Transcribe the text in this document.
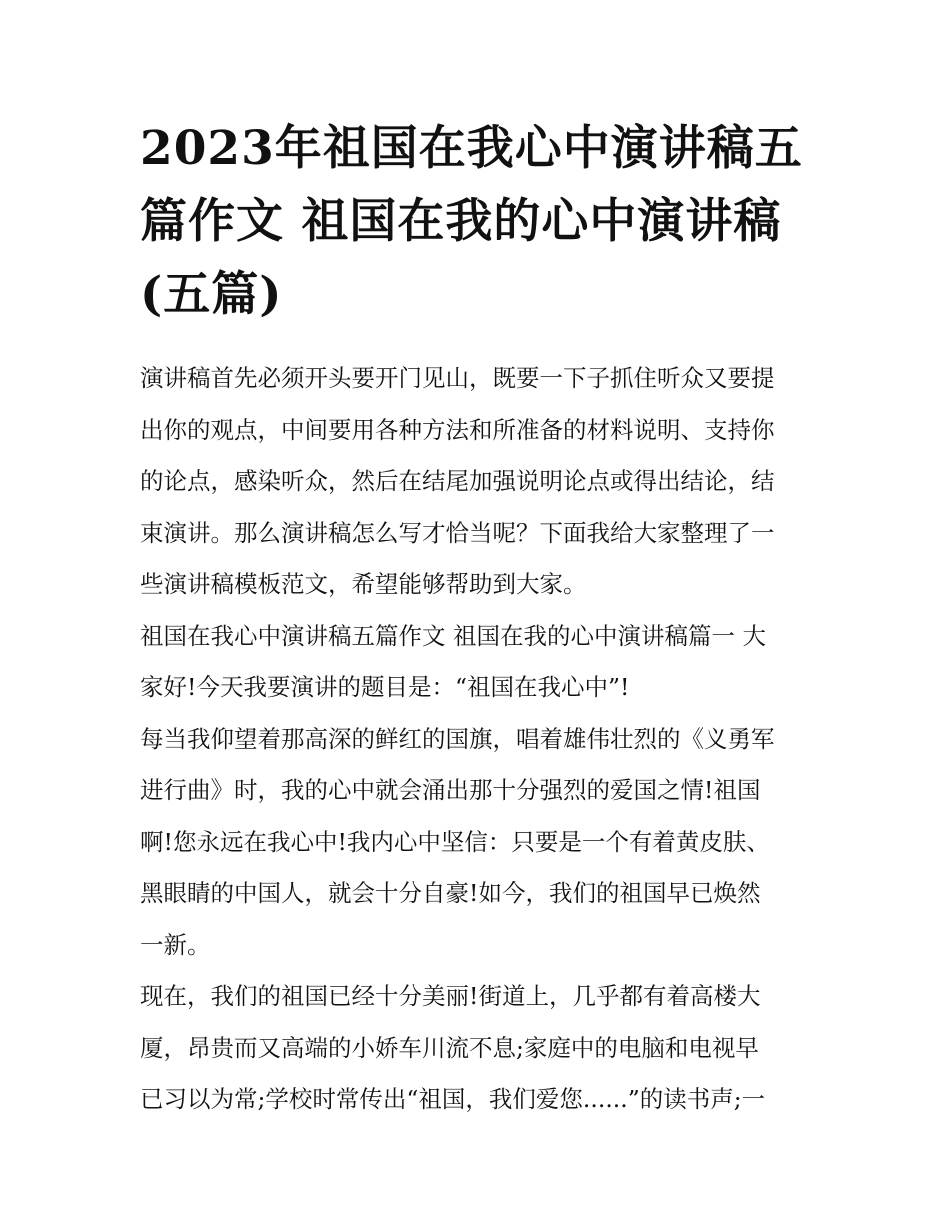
2023年祖国在我心中演讲稿五
篇作文 祖国在我的心中演讲稿
(五篇)
演讲稿首先必须开头要开门见山，既要一下子抓住听众又要提
出你的观点，中间要用各种方法和所准备的材料说明、支持你
的论点，感染听众，然后在结尾加强说明论点或得出结论，结
束演讲。那么演讲稿怎么写才恰当呢？下面我给大家整理了一
些演讲稿模板范文，希望能够帮助到大家。
祖国在我心中演讲稿五篇作文 祖国在我的心中演讲稿篇一 大
家好!今天我要演讲的题目是：“祖国在我心中”!
每当我仰望着那高深的鲜红的国旗，唱着雄伟壮烈的《义勇军
进行曲》时，我的心中就会涌出那十分强烈的爱国之情!祖国
啊!您永远在我心中!我内心中坚信：只要是一个有着黄皮肤、
黑眼睛的中国人，就会十分自豪!如今，我们的祖国早已焕然
一新。
现在，我们的祖国已经十分美丽!街道上，几乎都有着高楼大
厦，昂贵而又高端的小娇车川流不息;家庭中的电脑和电视早
已习以为常;学校时常传出“祖国，我们爱您......”的读书声;一
